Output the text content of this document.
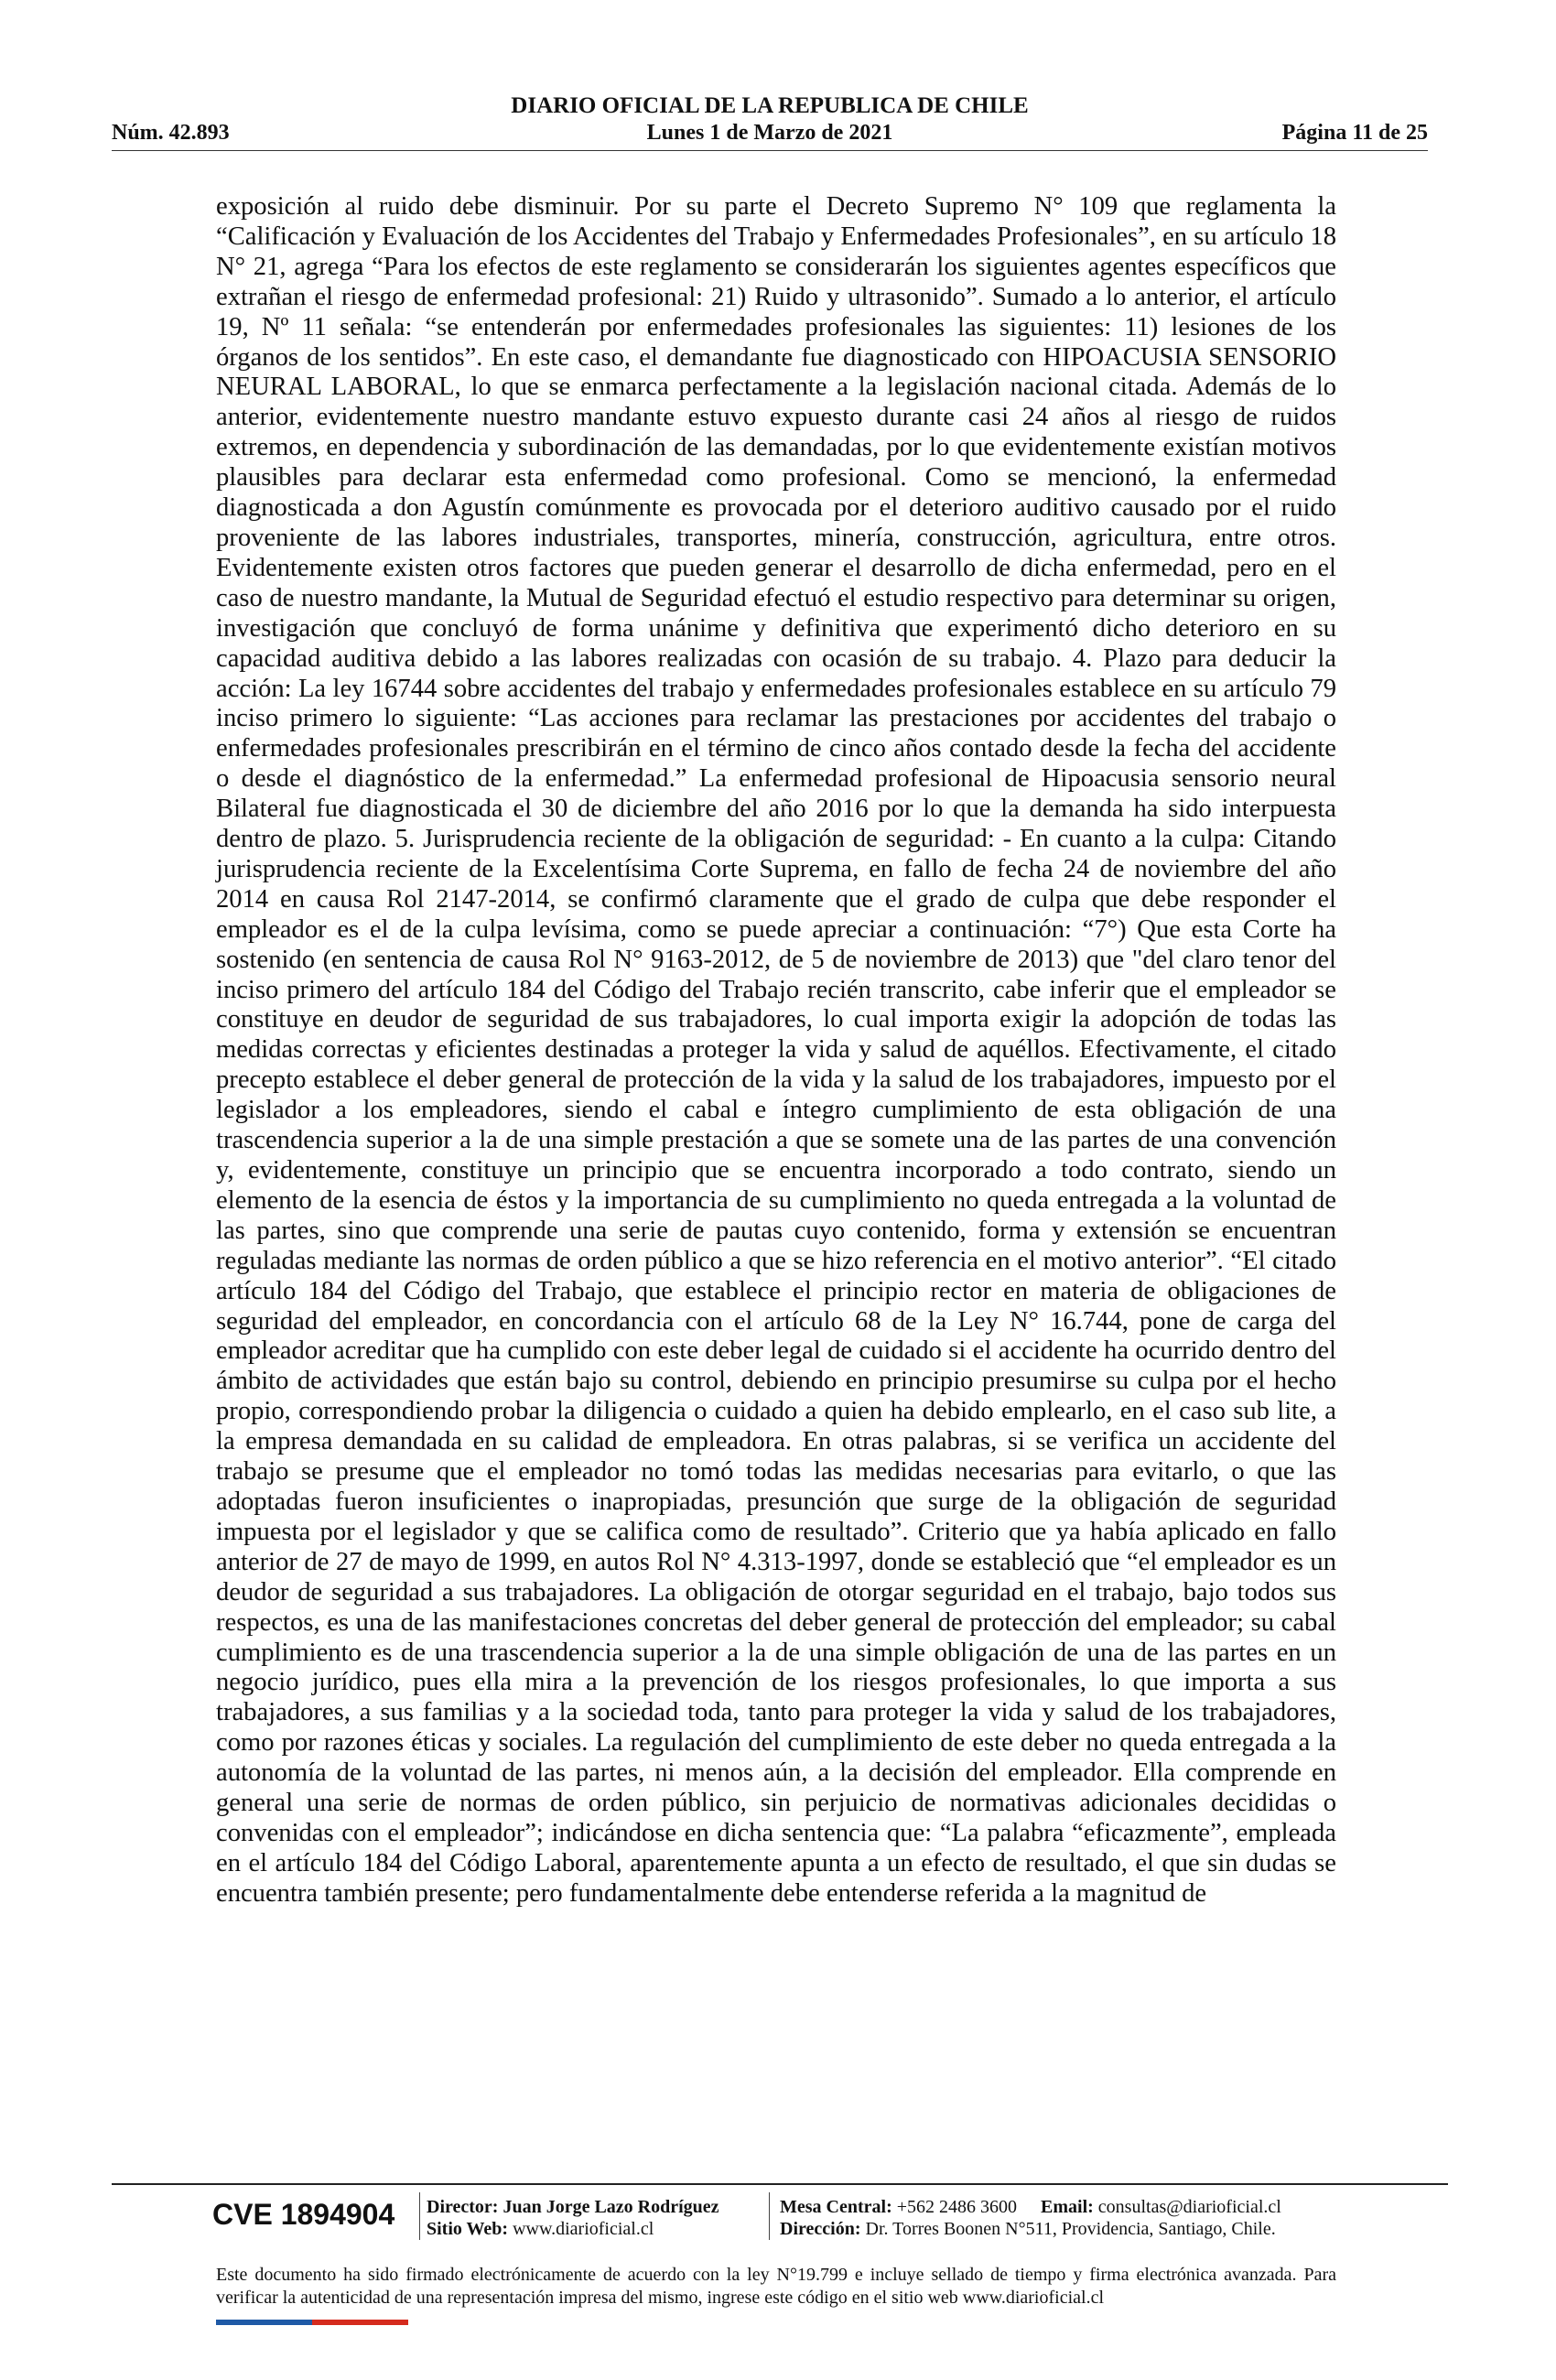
DIARIO OFICIAL DE LA REPUBLICA DE CHILE
Núm. 42.893	Lunes 1 de Marzo de 2021	Página 11 de 25

exposición al ruido debe disminuir. Por su parte el Decreto Supremo N° 109 que reglamenta la “Calificación y Evaluación de los Accidentes del Trabajo y Enfermedades Profesionales”, en su artículo 18 N° 21, agrega “Para los efectos de este reglamento se considerarán los siguientes agentes específicos que extrañan el riesgo de enfermedad profesional: 21) Ruido y ultrasonido”. Sumado a lo anterior, el artículo 19, Nº 11 señala: “se entenderán por enfermedades profesionales las siguientes: 11) lesiones de los órganos de los sentidos”. En este caso, el demandante fue diagnosticado con HIPOACUSIA SENSORIO NEURAL LABORAL, lo que se enmarca perfectamente a la legislación nacional citada. Además de lo anterior, evidentemente nuestro mandante estuvo expuesto durante casi 24 años al riesgo de ruidos extremos, en dependencia y subordinación de las demandadas, por lo que evidentemente existían motivos plausibles para declarar esta enfermedad como profesional. Como se mencionó, la enfermedad diagnosticada a don Agustín comúnmente es provocada por el deterioro auditivo causado por el ruido proveniente de las labores industriales, transportes, minería, construcción, agricultura, entre otros. Evidentemente existen otros factores que pueden generar el desarrollo de dicha enfermedad, pero en el caso de nuestro mandante, la Mutual de Seguridad efectuó el estudio respectivo para determinar su origen, investigación que concluyó de forma unánime y definitiva que experimentó dicho deterioro en su capacidad auditiva debido a las labores realizadas con ocasión de su trabajo. 4. Plazo para deducir la acción: La ley 16744 sobre accidentes del trabajo y enfermedades profesionales establece en su artículo 79 inciso primero lo siguiente: “Las acciones para reclamar las prestaciones por accidentes del trabajo o enfermedades profesionales prescribirán en el término de cinco años contado desde la fecha del accidente o desde el diagnóstico de la enfermedad.” La enfermedad profesional de Hipoacusia sensorio neural Bilateral fue diagnosticada el 30 de diciembre del año 2016 por lo que la demanda ha sido interpuesta dentro de plazo. 5. Jurisprudencia reciente de la obligación de seguridad: - En cuanto a la culpa: Citando jurisprudencia reciente de la Excelentísima Corte Suprema, en fallo de fecha 24 de noviembre del año 2014 en causa Rol 2147-2014, se confirmó claramente que el grado de culpa que debe responder el empleador es el de la culpa levísima, como se puede apreciar a continuación: “7°) Que esta Corte ha sostenido (en sentencia de causa Rol N° 9163-2012, de 5 de noviembre de 2013) que "del claro tenor del inciso primero del artículo 184 del Código del Trabajo recién transcrito, cabe inferir que el empleador se constituye en deudor de seguridad de sus trabajadores, lo cual importa exigir la adopción de todas las medidas correctas y eficientes destinadas a proteger la vida y salud de aquéllos. Efectivamente, el citado precepto establece el deber general de protección de la vida y la salud de los trabajadores, impuesto por el legislador a los empleadores, siendo el cabal e íntegro cumplimiento de esta obligación de una trascendencia superior a la de una simple prestación a que se somete una de las partes de una convención y, evidentemente, constituye un principio que se encuentra incorporado a todo contrato, siendo un elemento de la esencia de éstos y la importancia de su cumplimiento no queda entregada a la voluntad de las partes, sino que comprende una serie de pautas cuyo contenido, forma y extensión se encuentran reguladas mediante las normas de orden público a que se hizo referencia en el motivo anterior”. “El citado artículo 184 del Código del Trabajo, que establece el principio rector en materia de obligaciones de seguridad del empleador, en concordancia con el artículo 68 de la Ley N° 16.744, pone de carga del empleador acreditar que ha cumplido con este deber legal de cuidado si el accidente ha ocurrido dentro del ámbito de actividades que están bajo su control, debiendo en principio presumirse su culpa por el hecho propio, correspondiendo probar la diligencia o cuidado a quien ha debido emplearlo, en el caso sub lite, a la empresa demandada en su calidad de empleadora. En otras palabras, si se verifica un accidente del trabajo se presume que el empleador no tomó todas las medidas necesarias para evitarlo, o que las adoptadas fueron insuficientes o inapropiadas, presunción que surge de la obligación de seguridad impuesta por el legislador y que se califica como de resultado”. Criterio que ya había aplicado en fallo anterior de 27 de mayo de 1999, en autos Rol N° 4.313-1997, donde se estableció que “el empleador es un deudor de seguridad a sus trabajadores. La obligación de otorgar seguridad en el trabajo, bajo todos sus respectos, es una de las manifestaciones concretas del deber general de protección del empleador; su cabal cumplimiento es de una trascendencia superior a la de una simple obligación de una de las partes en un negocio jurídico, pues ella mira a la prevención de los riesgos profesionales, lo que importa a sus trabajadores, a sus familias y a la sociedad toda, tanto para proteger la vida y salud de los trabajadores, como por razones éticas y sociales. La regulación del cumplimiento de este deber no queda entregada a la autonomía de la voluntad de las partes, ni menos aún, a la decisión del empleador. Ella comprende en general una serie de normas de orden público, sin perjuicio de normativas adicionales decididas o convenidas con el empleador”; indicándose en dicha sentencia que: “La palabra “eficazmente”, empleada en el artículo 184 del Código Laboral, aparentemente apunta a un efecto de resultado, el que sin dudas se encuentra también presente; pero fundamentalmente debe entenderse referida a la magnitud de

CVE 1894904 Director: Juan Jorge Lazo Rodríguez
Sitio Web: www.diarioficial.cl
Mesa Central: +562 2486 3600 Email: consultas@diarioficial.cl
Dirección: Dr. Torres Boonen N°511, Providencia, Santiago, Chile.
Este documento ha sido firmado electrónicamente de acuerdo con la ley N°19.799 e incluye sellado de tiempo y firma electrónica avanzada. Para verificar la autenticidad de una representación impresa del mismo, ingrese este código en el sitio web www.diarioficial.cl
